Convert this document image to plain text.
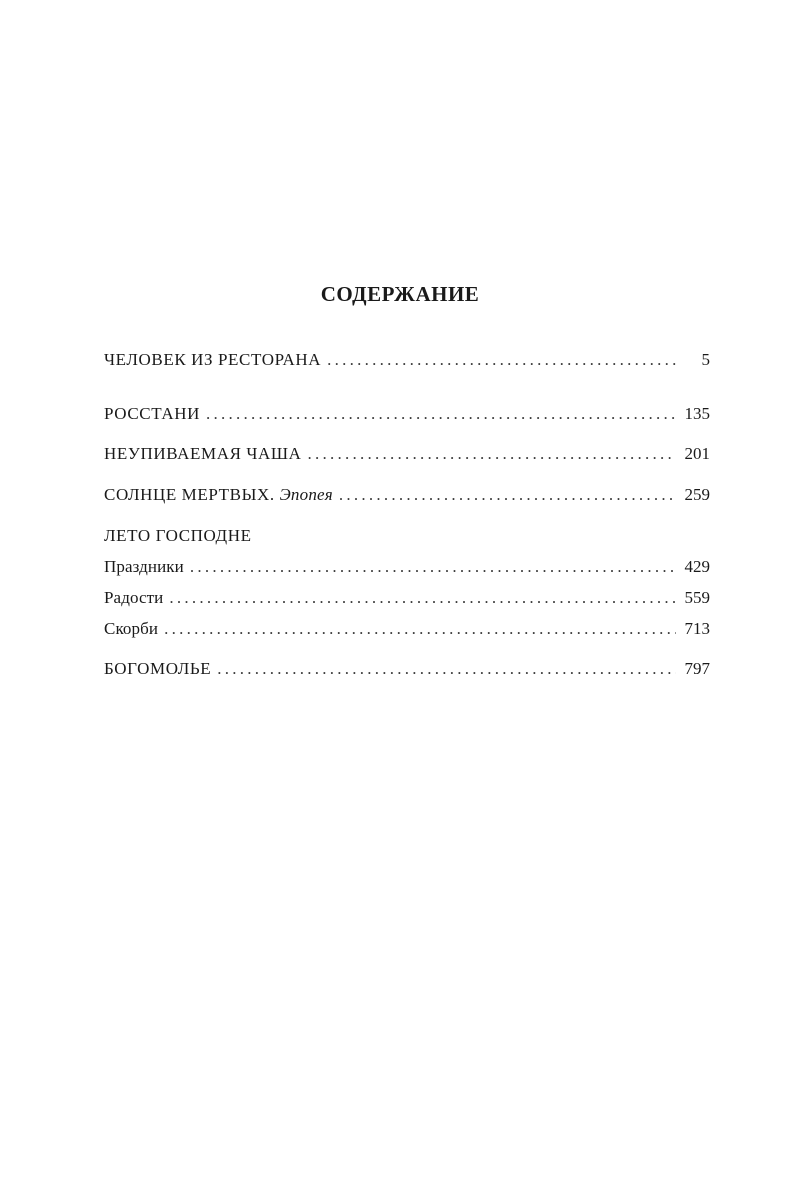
СОДЕРЖАНИЕ
ЧЕЛОВЕК ИЗ РЕСТОРАНА . . .	5
РОССТАНИ . . .	135
НЕУПИВАЕМАЯ ЧАША . . .	201
СОЛНЦЕ МЕРТВЫХ. Эпопея . . .	259
ЛЕТО ГОСПОДНЕ
Праздники . . .	429
Радости . . .	559
Скорби . . .	713
БОГОМОЛЬЕ . . .	797
